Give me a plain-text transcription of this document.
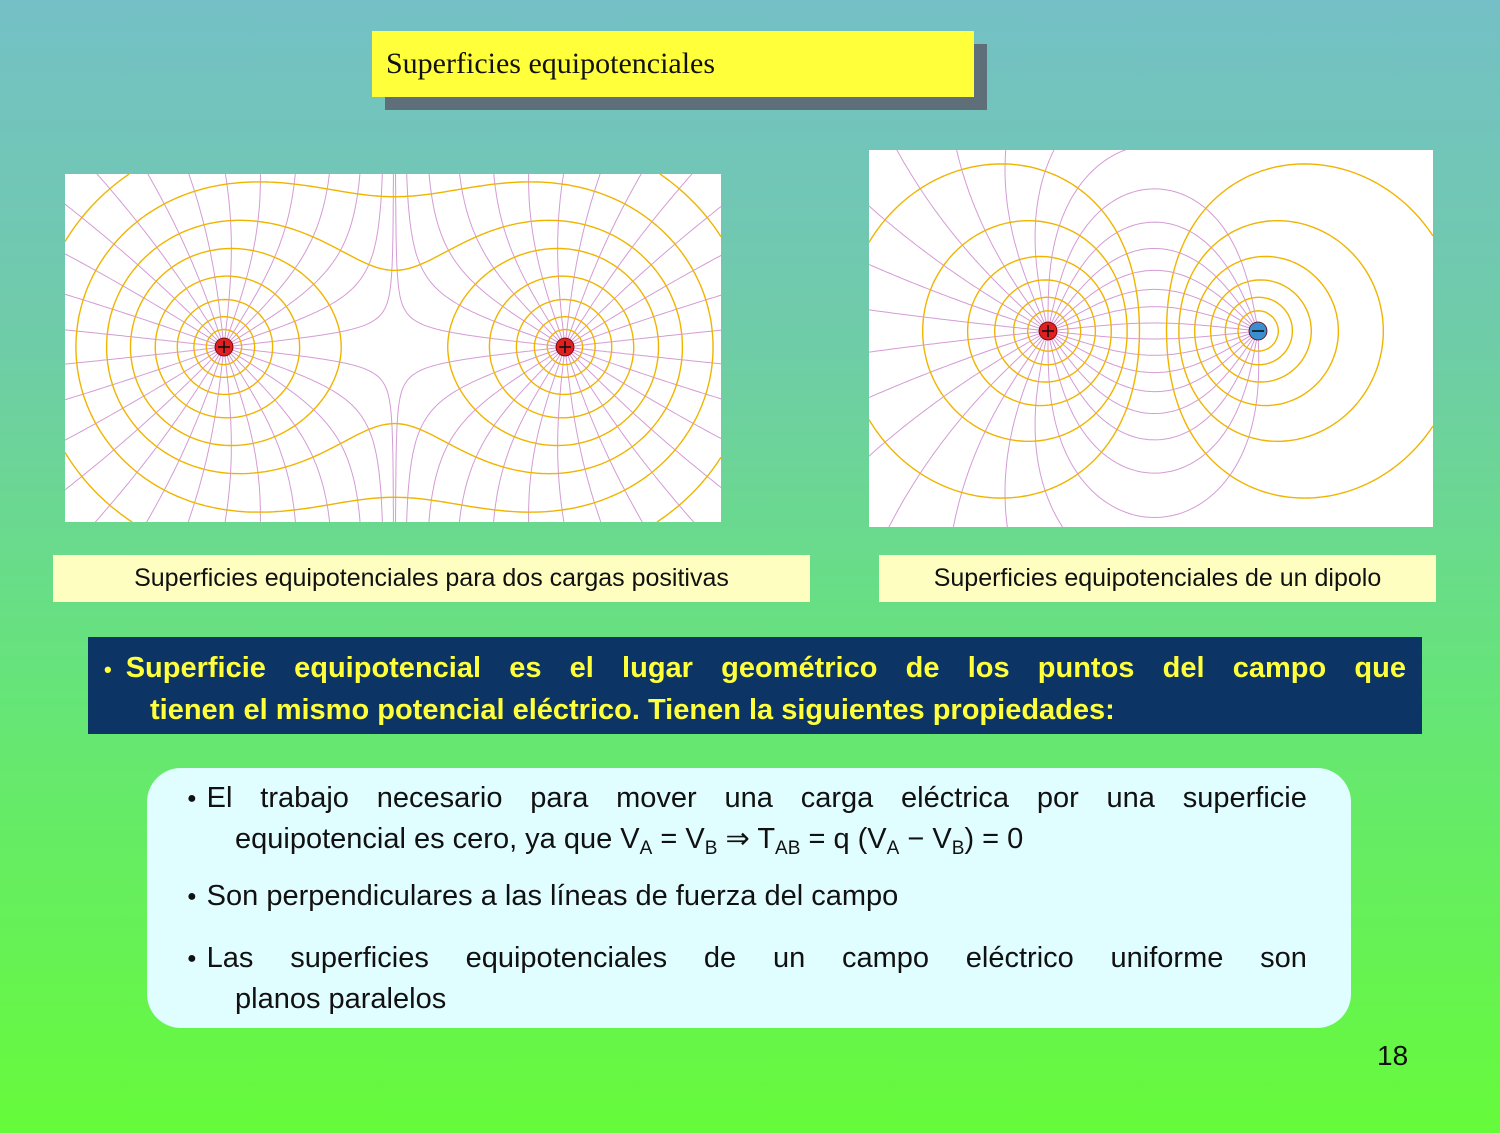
Superficies equipotenciales
Superficies equipotenciales para dos cargas positivas	Superficies equipotenciales de un dipolo
• Superficie equipotencial es el lugar geométrico de los puntos del campo que
tienen el mismo potencial eléctrico. Tienen la siguientes propiedades:
● El trabajo necesario para mover una carga eléctrica por una superficie
equipotencial es cero, ya que $V_A = V_B$ ⇒ $T_{AB} = q$ $(V_A - V_B) = 0$
● Son perpendiculares a las líneas de fuerza del campo
● Las superficies equipotenciales de un campo eléctrico uniforme son
planos paralelos
18
